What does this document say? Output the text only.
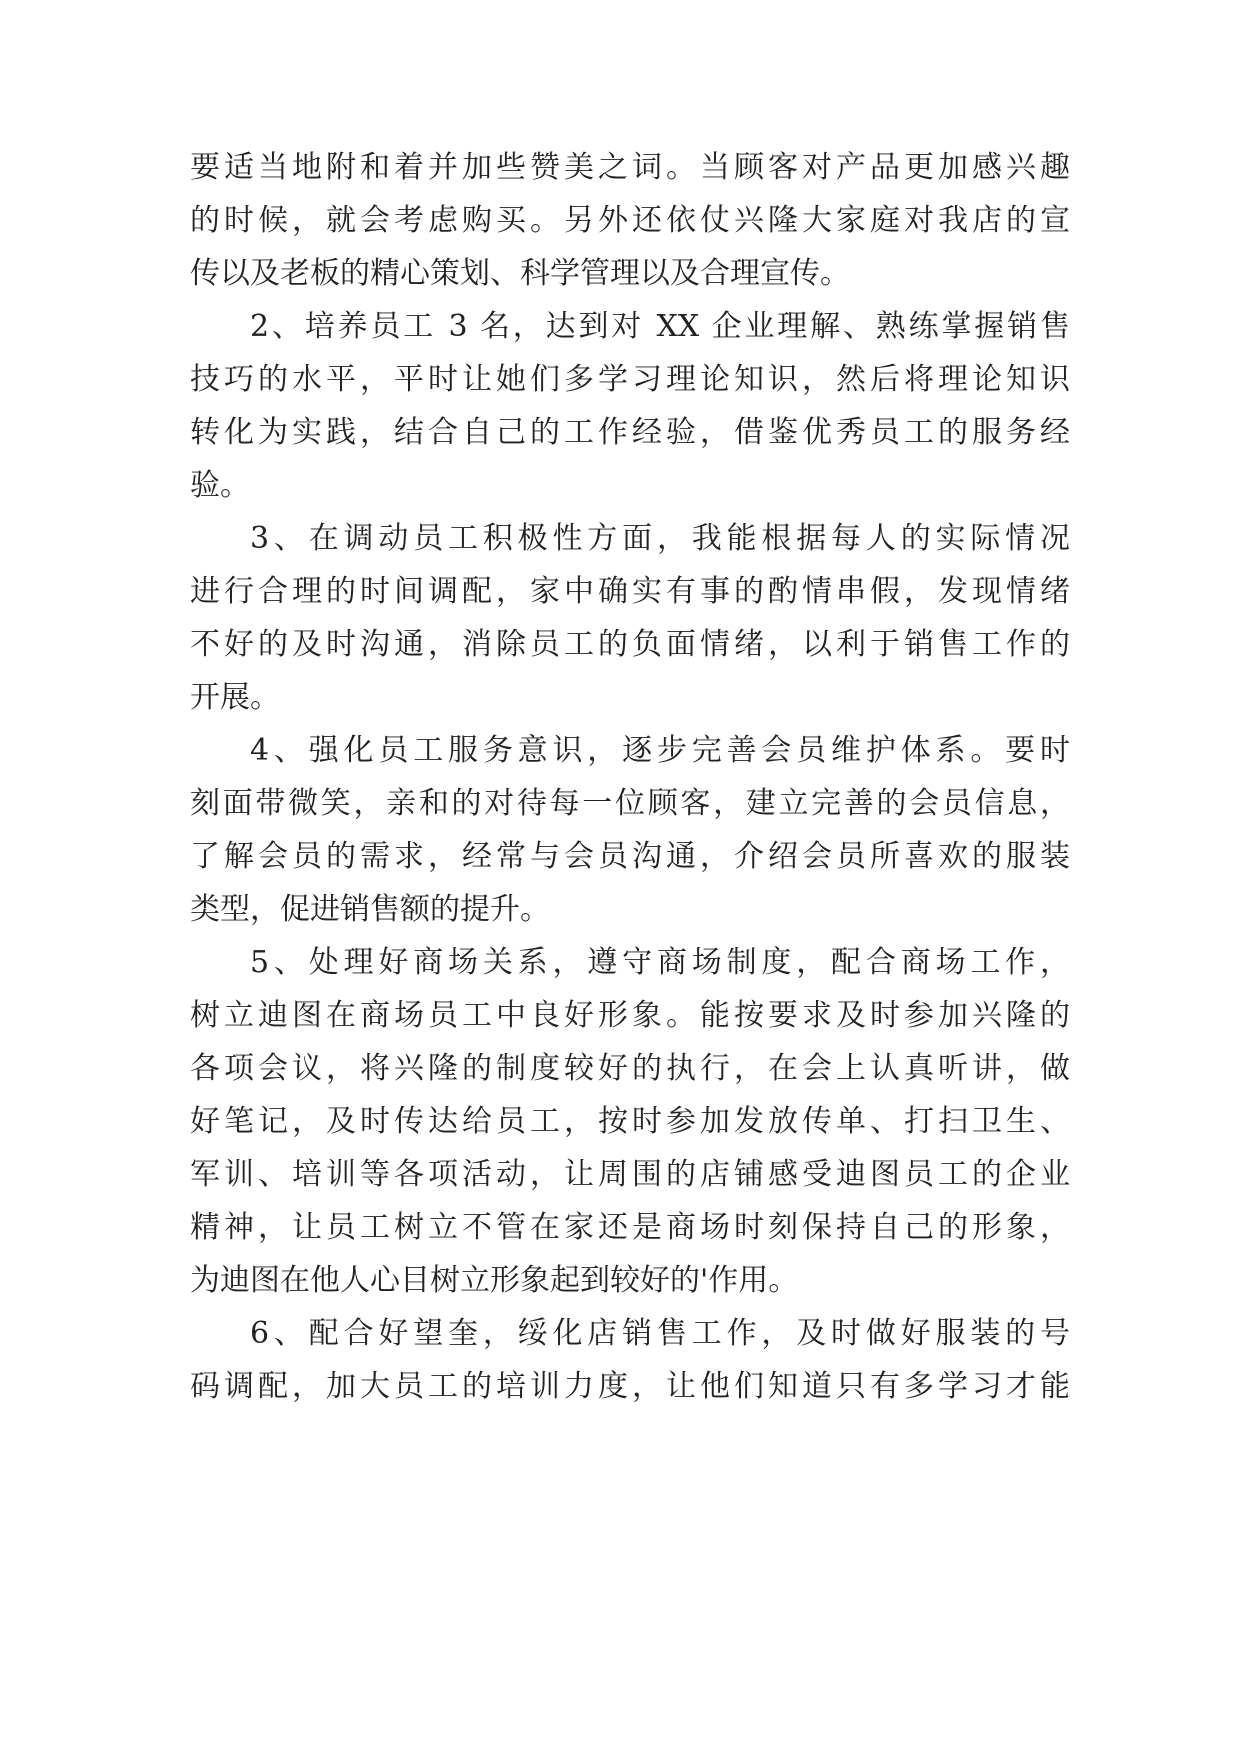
要适当地附和着并加些赞美之词。当顾客对产品更加感兴趣
的时候，就会考虑购买。另外还依仗兴隆大家庭对我店的宣
传以及老板的精心策划、科学管理以及合理宣传。
2、培养员工 3 名，达到对 XX 企业理解、熟练掌握销售
技巧的水平，平时让她们多学习理论知识，然后将理论知识
转化为实践，结合自己的工作经验，借鉴优秀员工的服务经
验。
3、在调动员工积极性方面，我能根据每人的实际情况
进行合理的时间调配，家中确实有事的酌情串假，发现情绪
不好的及时沟通，消除员工的负面情绪，以利于销售工作的
开展。
4、强化员工服务意识，逐步完善会员维护体系。要时
刻面带微笑，亲和的对待每一位顾客，建立完善的会员信息，
了解会员的需求，经常与会员沟通，介绍会员所喜欢的服装
类型，促进销售额的提升。
5、处理好商场关系，遵守商场制度，配合商场工作，
树立迪图在商场员工中良好形象。能按要求及时参加兴隆的
各项会议，将兴隆的制度较好的执行，在会上认真听讲，做
好笔记，及时传达给员工，按时参加发放传单、打扫卫生、
军训、培训等各项活动，让周围的店铺感受迪图员工的企业
精神，让员工树立不管在家还是商场时刻保持自己的形象，
为迪图在他人心目树立形象起到较好的'作用。
6、配合好望奎，绥化店销售工作，及时做好服装的号
码调配，加大员工的培训力度，让他们知道只有多学习才能
